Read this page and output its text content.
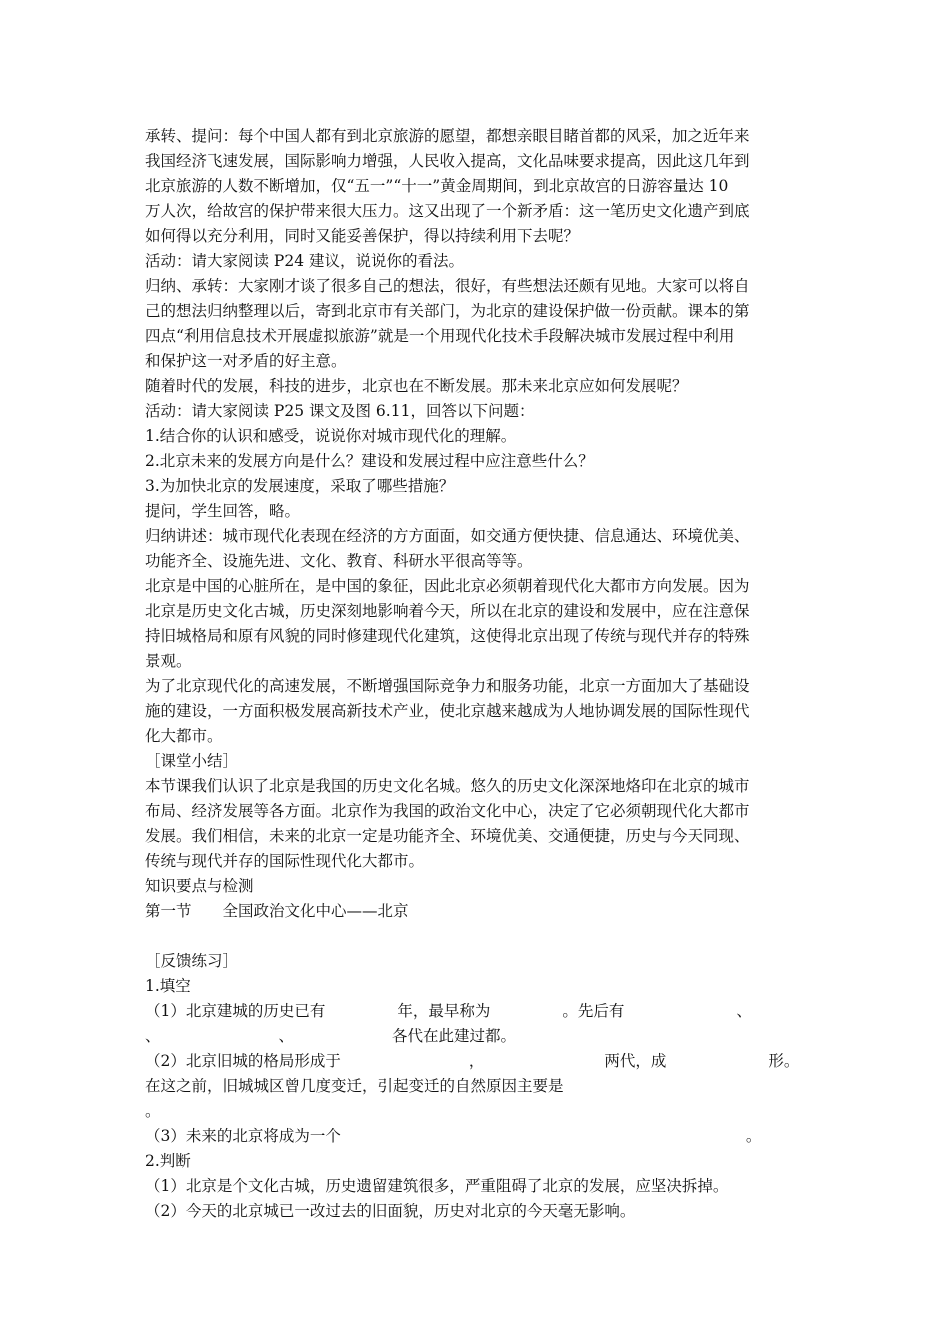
承转、提问：每个中国人都有到北京旅游的愿望，都想亲眼目睹首都的风采，加之近年来
我国经济飞速发展，国际影响力增强，人民收入提高，文化品味要求提高，因此这几年到
北京旅游的人数不断增加，仅“五一”“十一”黄金周期间，到北京故宫的日游容量达 10
万人次，给故宫的保护带来很大压力。这又出现了一个新矛盾：这一笔历史文化遗产到底
如何得以充分利用，同时又能妥善保护，得以持续利用下去呢？
活动：请大家阅读 P24 建议，说说你的看法。
归纳、承转：大家刚才谈了很多自己的想法，很好，有些想法还颇有见地。大家可以将自
己的想法归纳整理以后，寄到北京市有关部门，为北京的建设保护做一份贡献。课本的第
四点“利用信息技术开展虚拟旅游”就是一个用现代化技术手段解决城市发展过程中利用
和保护这一对矛盾的好主意。
随着时代的发展，科技的进步，北京也在不断发展。那未来北京应如何发展呢？
活动：请大家阅读 P25 课文及图 6.11，回答以下问题：
1.结合你的认识和感受，说说你对城市现代化的理解。
2.北京未来的发展方向是什么？建设和发展过程中应注意些什么？
3.为加快北京的发展速度，采取了哪些措施？
提问，学生回答，略。
归纳讲述：城市现代化表现在经济的方方面面，如交通方便快捷、信息通达、环境优美、
功能齐全、设施先进、文化、教育、科研水平很高等等。
北京是中国的心脏所在，是中国的象征，因此北京必须朝着现代化大都市方向发展。因为
北京是历史文化古城，历史深刻地影响着今天，所以在北京的建设和发展中，应在注意保
持旧城格局和原有风貌的同时修建现代化建筑，这使得北京出现了传统与现代并存的特殊
景观。
为了北京现代化的高速发展，不断增强国际竞争力和服务功能，北京一方面加大了基础设
施的建设，一方面积极发展高新技术产业，使北京越来越成为人地协调发展的国际性现代
化大都市。
［课堂小结］
本节课我们认识了北京是我国的历史文化名城。悠久的历史文化深深地烙印在北京的城市
布局、经济发展等各方面。北京作为我国的政治文化中心，决定了它必须朝现代化大都市
发展。我们相信，未来的北京一定是功能齐全、环境优美、交通便捷，历史与今天同现、
传统与现代并存的国际性现代化大都市。
知识要点与检测
第一节　　全国政治文化中心——北京
［反馈练习］
1.填空
（1）北京建城的历史已有	年，最早称为	。先后有	、
、	、	各代在此建过都。
（2）北京旧城的格局形成于	，	两代，成	形。
在这之前，旧城城区曾几度变迁，引起变迁的自然原因主要是
。
（3）未来的北京将成为一个	。
2.判断
（1）北京是个文化古城，历史遗留建筑很多，严重阻碍了北京的发展，应坚决拆掉。
（2）今天的北京城已一改过去的旧面貌，历史对北京的今天毫无影响。
